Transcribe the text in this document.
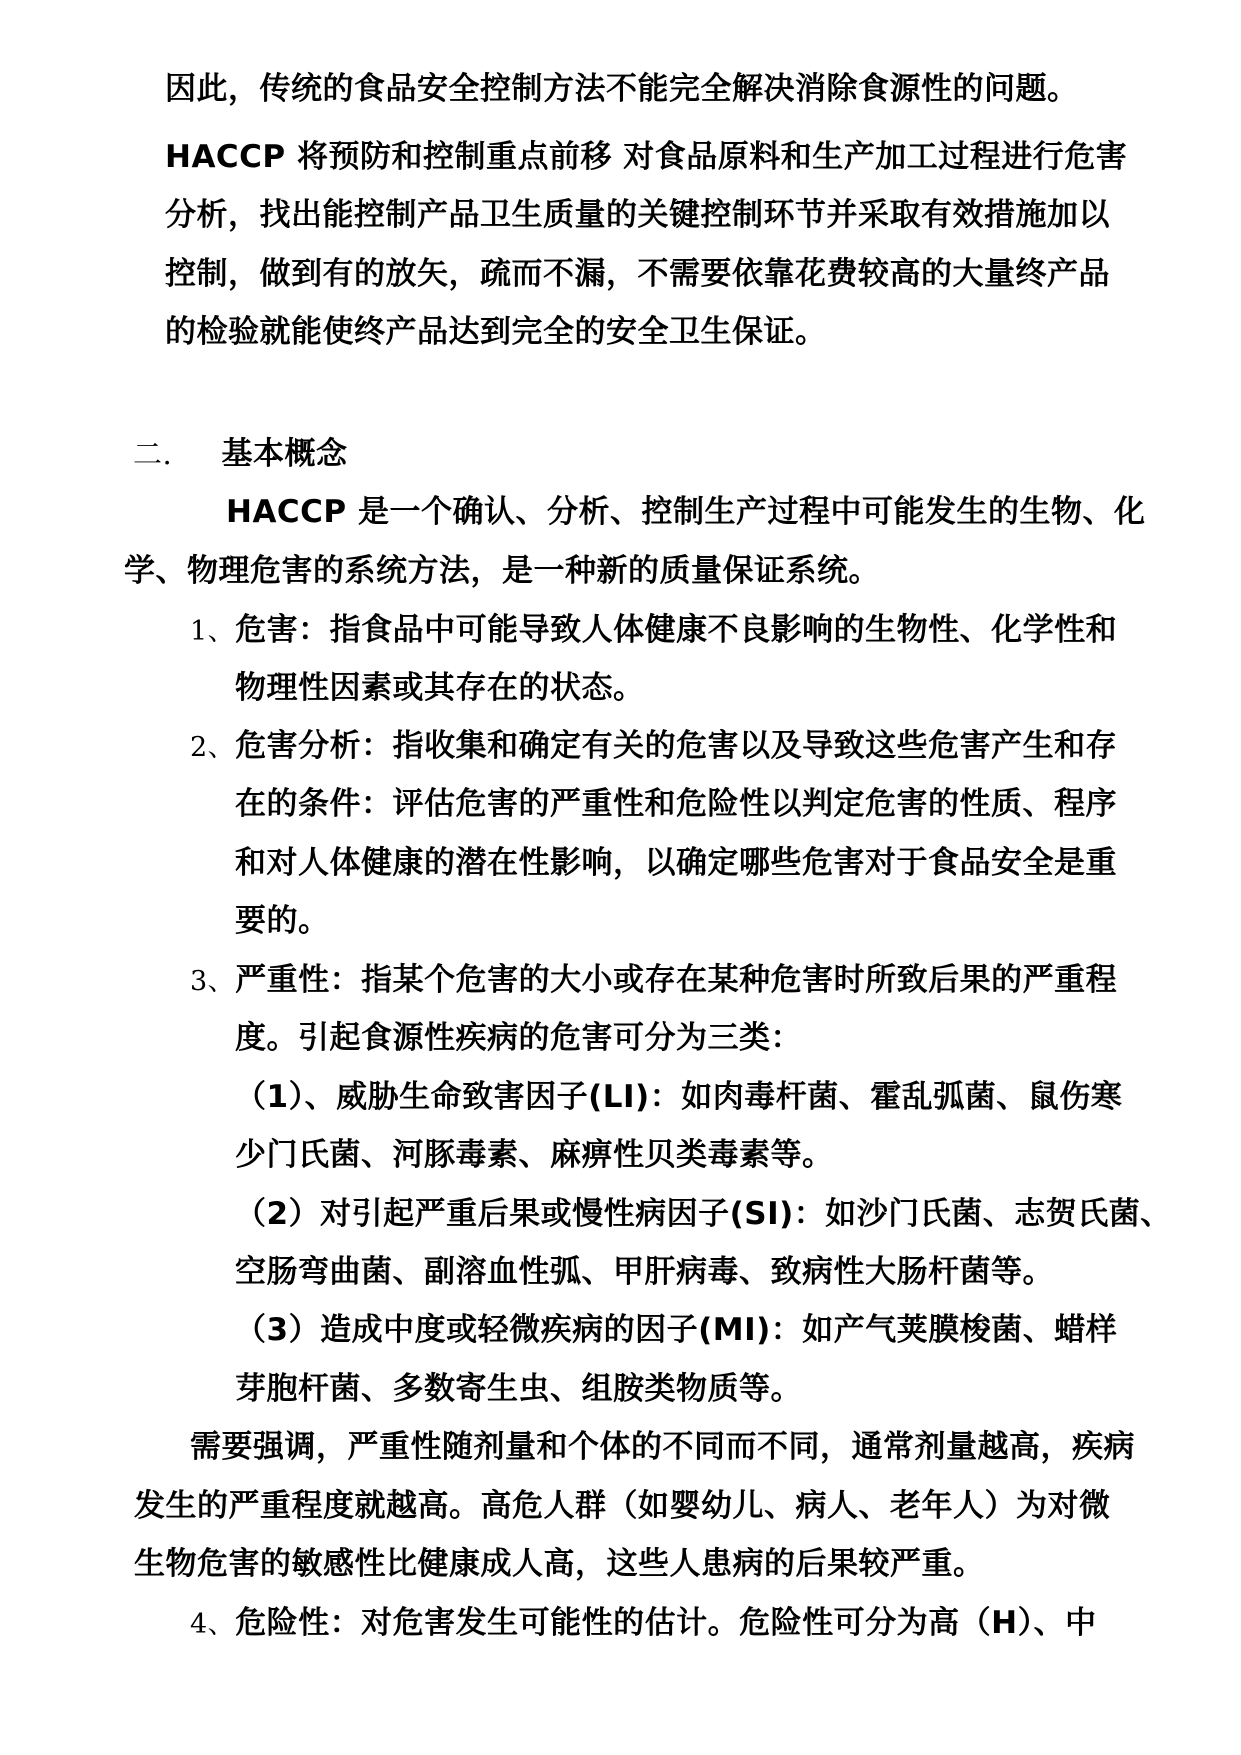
因此，传统的食品安全控制方法不能完全解决消除食源性的问题。
HACCP 将预防和控制重点前移 对食品原料和生产加工过程进行危害
分析，找出能控制产品卫生质量的关键控制环节并采取有效措施加以
控制，做到有的放矢，疏而不漏，不需要依靠花费较高的大量终产品
的检验就能使终产品达到完全的安全卫生保证。
二. 基本概念
HACCP 是一个确认、分析、控制生产过程中可能发生的生物、化
学、物理危害的系统方法，是一种新的质量保证系统。
1、危害：指食品中可能导致人体健康不良影响的生物性、化学性和
物理性因素或其存在的状态。
2、危害分析：指收集和确定有关的危害以及导致这些危害产生和存
在的条件：评估危害的严重性和危险性以判定危害的性质、程序
和对人体健康的潜在性影响，以确定哪些危害对于食品安全是重
要的。
3、严重性：指某个危害的大小或存在某种危害时所致后果的严重程
度。引起食源性疾病的危害可分为三类：
（1）、威胁生命致害因子(LI)：如肉毒杆菌、霍乱弧菌、鼠伤寒
少门氏菌、河豚毒素、麻痹性贝类毒素等。
（2）对引起严重后果或慢性病因子(SI)：如沙门氏菌、志贺氏菌、
空肠弯曲菌、副溶血性弧、甲肝病毒、致病性大肠杆菌等。
（3）造成中度或轻微疾病的因子(MI)：如产气荚膜梭菌、蜡样
芽胞杆菌、多数寄生虫、组胺类物质等。
需要强调，严重性随剂量和个体的不同而不同，通常剂量越高，疾病
发生的严重程度就越高。高危人群（如婴幼儿、病人、老年人）为对微
生物危害的敏感性比健康成人高，这些人患病的后果较严重。
4、危险性：对危害发生可能性的估计。危险性可分为高（H）、中
